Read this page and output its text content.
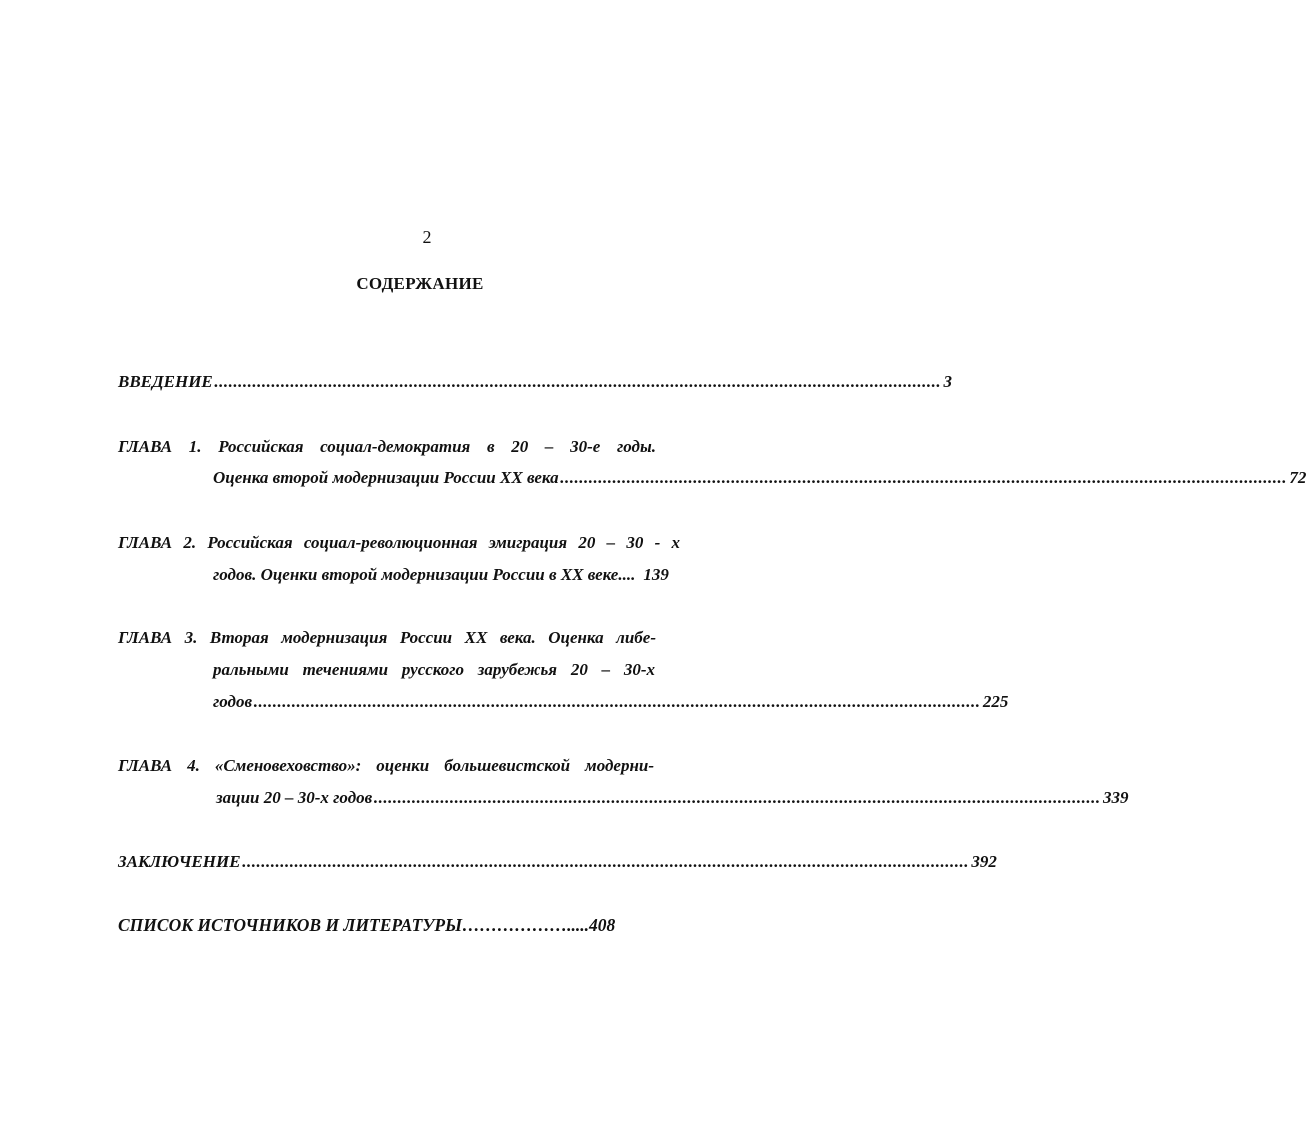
2
СОДЕРЖАНИЕ
ВВЕДЕНИЕ ......................................................................................................................................................... 3
ГЛАВА 1. Российская социал-демократия в 20 – 30-е годы.
Оценка второй модернизации России XX века ......................................................................................................................................................... 72
ГЛАВА 2. Российская социал-революционная эмиграция 20 – 30 - х
годов. Оценки второй модернизации России в XX веке.... 139
ГЛАВА 3. Вторая модернизация России XX века. Оценка либе-
ральными течениями русского зарубежья 20 – 30-х
годов ......................................................................................................................................................... 225
ГЛАВА 4. «Сменовеховство»: оценки большевистской модерни-
зации 20 – 30-х годов ......................................................................................................................................................... 339
ЗАКЛЮЧЕНИЕ ......................................................................................................................................................... 392
СПИСОК ИСТОЧНИКОВ И ЛИТЕРАТУРЫ……………….....408
